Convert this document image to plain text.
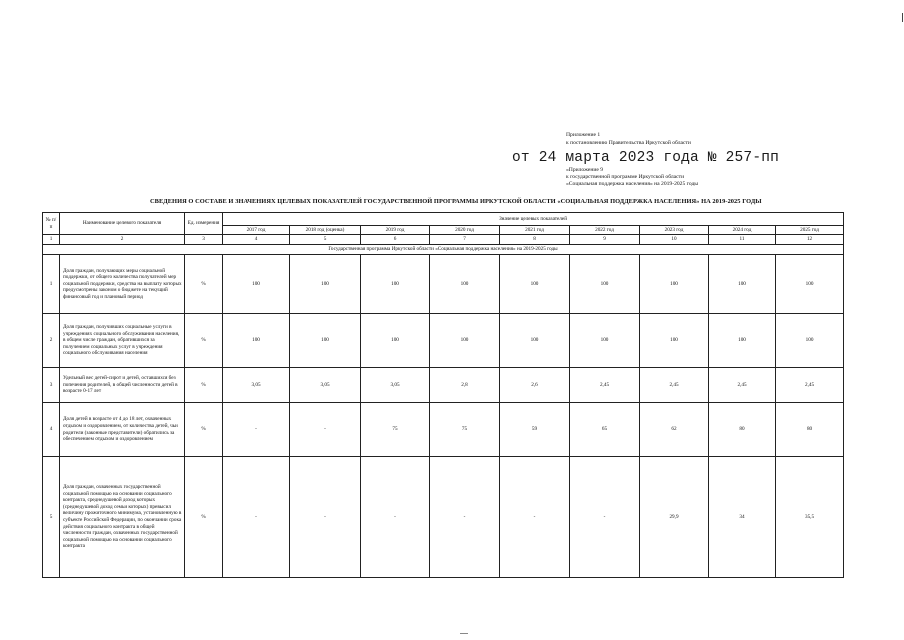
Приложение 1
к постановлению Правительства Иркутской области
от 24 марта 2023 года № 257-пп
«Приложение 9
к государственной программе Иркутской области
«Социальная поддержка населения» на 2019-2025 годы
СВЕДЕНИЯ О СОСТАВЕ И ЗНАЧЕНИЯХ ЦЕЛЕВЫХ ПОКАЗАТЕЛЕЙ ГОСУДАРСТВЕННОЙ ПРОГРАММЫ ИРКУТСКОЙ ОБЛАСТИ «СОЦИАЛЬНАЯ ПОДДЕРЖКА НАСЕЛЕНИЯ» НА 2019-2025 ГОДЫ
№ п/п	Наименование целевого показателя	Ед. измерения	Значение целевых показателей								
			2017 год	2018 год (оценка)	2019 год	2020 год	2021 год	2022 год	2023 год	2024 год	2025 год
1	2	3	4	5	6	7	8	9	10	11	12
Государственная программа Иркутской области «Социальная поддержка населения» на 2019-2025 годы											
1	Доля граждан, получающих меры социальной поддержки, от общего количества получателей мер социальной поддержки, средства на выплату которых предусмотрены законом о бюджете на текущий финансовый год и плановый период	%	100	100	100	100	100	100	100	100	100
2	Доля граждан, получивших социальные услуги в учреждениях социального обслуживания населения, в общем числе граждан, обратившихся за получением социальных услуг в учреждения социального обслуживания населения	%	100	100	100	100	100	100	100	100	100
3	Удельный вес детей-сирот и детей, оставшихся без попечения родителей, в общей численности детей в возрасте 0-17 лет	%	3,05	3,05	3,05	2,8	2,6	2,45	2,45	2,45	2,45
4	Доля детей в возрасте от 4 до 18 лет, охваченных отдыхом и оздоровлением, от количества детей, чьи родители (законные представители) обратились за обеспечением отдыхом и оздоровлением	%	-	-	75	75	59	65	62	80	80
5	Доля граждан, охваченных государственной социальной помощью на основании социального контракта, среднедушевой доход которых (среднедушевой доход семьи которых) превысил величину прожиточного минимума, установленную в субъекте Российской Федерации, по окончании срока действия социального контракта в общей численности граждан, охваченных государственной социальной помощью на основании социального контракта	%	-	-	-	-	-	-	29,9	34	35,5
